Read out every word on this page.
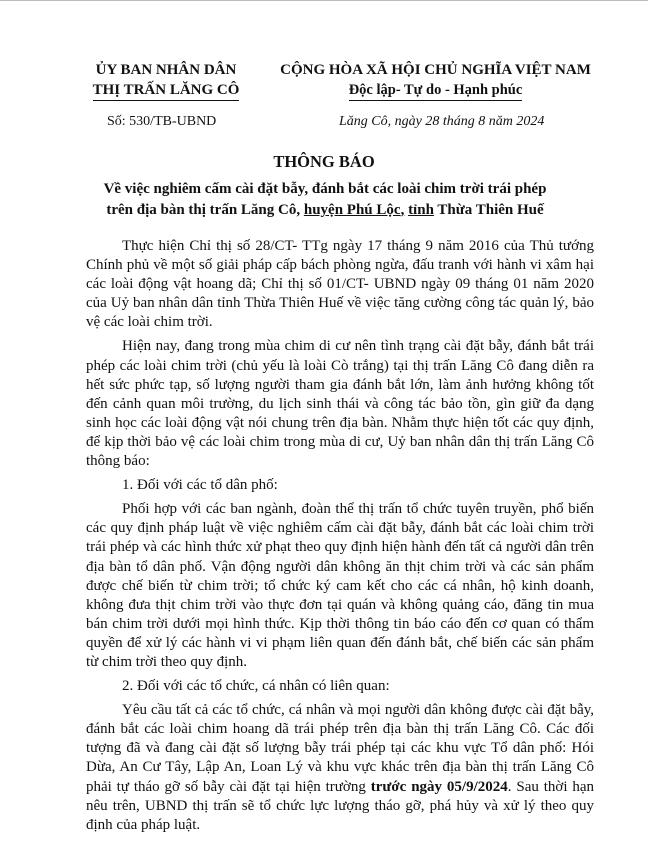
ỦY BAN NHÂN DÂN
THỊ TRẤN LĂNG CÔ
CỘNG HÒA XÃ HỘI CHỦ NGHĨA VIỆT NAM
Độc lập- Tự do - Hạnh phúc
Số: 530/TB-UBND	Lăng Cô, ngày 28 tháng 8 năm 2024
THÔNG BÁO
Về việc nghiêm cấm cài đặt bẫy, đánh bắt các loài chim trời trái phép trên địa bàn thị trấn Lăng Cô, huyện Phú Lộc, tỉnh Thừa Thiên Huế

Thực hiện Chỉ thị số 28/CT- TTg ngày 17 tháng 9 năm 2016 của Thủ tướng Chính phủ về một số giải pháp cấp bách phòng ngừa, đấu tranh với hành vi xâm hại các loài động vật hoang dã; Chỉ thị số 01/CT- UBND ngày 09 tháng 01 năm 2020 của Uỷ ban nhân dân tỉnh Thừa Thiên Huế về việc tăng cường công tác quản lý, bảo vệ các loài chim trời.

Hiện nay, đang trong mùa chim di cư nên tình trạng cài đặt bẫy, đánh bắt trái phép các loài chim trời (chủ yếu là loài Cò trắng) tại thị trấn Lăng Cô đang diễn ra hết sức phức tạp, số lượng người tham gia đánh bắt lớn, làm ảnh hưởng không tốt đến cảnh quan môi trường, du lịch sinh thái và công tác bảo tồn, gìn giữ đa dạng sinh học các loài động vật nói chung trên địa bàn. Nhằm thực hiện tốt các quy định, để kịp thời bảo vệ các loài chim trong mùa di cư, Uỷ ban nhân dân thị trấn Lăng Cô thông báo:

1. Đối với các tổ dân phố:

Phối hợp với các ban ngành, đoàn thể thị trấn tổ chức tuyên truyền, phổ biến các quy định pháp luật về việc nghiêm cấm cài đặt bẫy, đánh bắt các loài chim trời trái phép và các hình thức xử phạt theo quy định hiện hành đến tất cả người dân trên địa bàn tổ dân phố. Vận động người dân không ăn thịt chim trời và các sản phẩm được chế biến từ chim trời; tổ chức ký cam kết cho các cá nhân, hộ kinh doanh, không đưa thịt chim trời vào thực đơn tại quán và không quảng cáo, đăng tin mua bán chim trời dưới mọi hình thức. Kịp thời thông tin báo cáo đến cơ quan có thẩm quyền để xử lý các hành vi vi phạm liên quan đến đánh bắt, chế biến các sản phẩm từ chim trời theo quy định.

2. Đối với các tổ chức, cá nhân có liên quan:

Yêu cầu tất cả các tổ chức, cá nhân và mọi người dân không được cài đặt bẫy, đánh bắt các loài chim hoang dã trái phép trên địa bàn thị trấn Lăng Cô. Các đối tượng đã và đang cài đặt số lượng bẫy trái phép tại các khu vực Tổ dân phố: Hói Dừa, An Cư Tây, Lập An, Loan Lý và khu vực khác trên địa bàn thị trấn Lăng Cô phải tự tháo gỡ số bẫy cài đặt tại hiện trường trước ngày 05/9/2024. Sau thời hạn nêu trên, UBND thị trấn sẽ tổ chức lực lượng tháo gỡ, phá hủy và xử lý theo quy định của pháp luật.
